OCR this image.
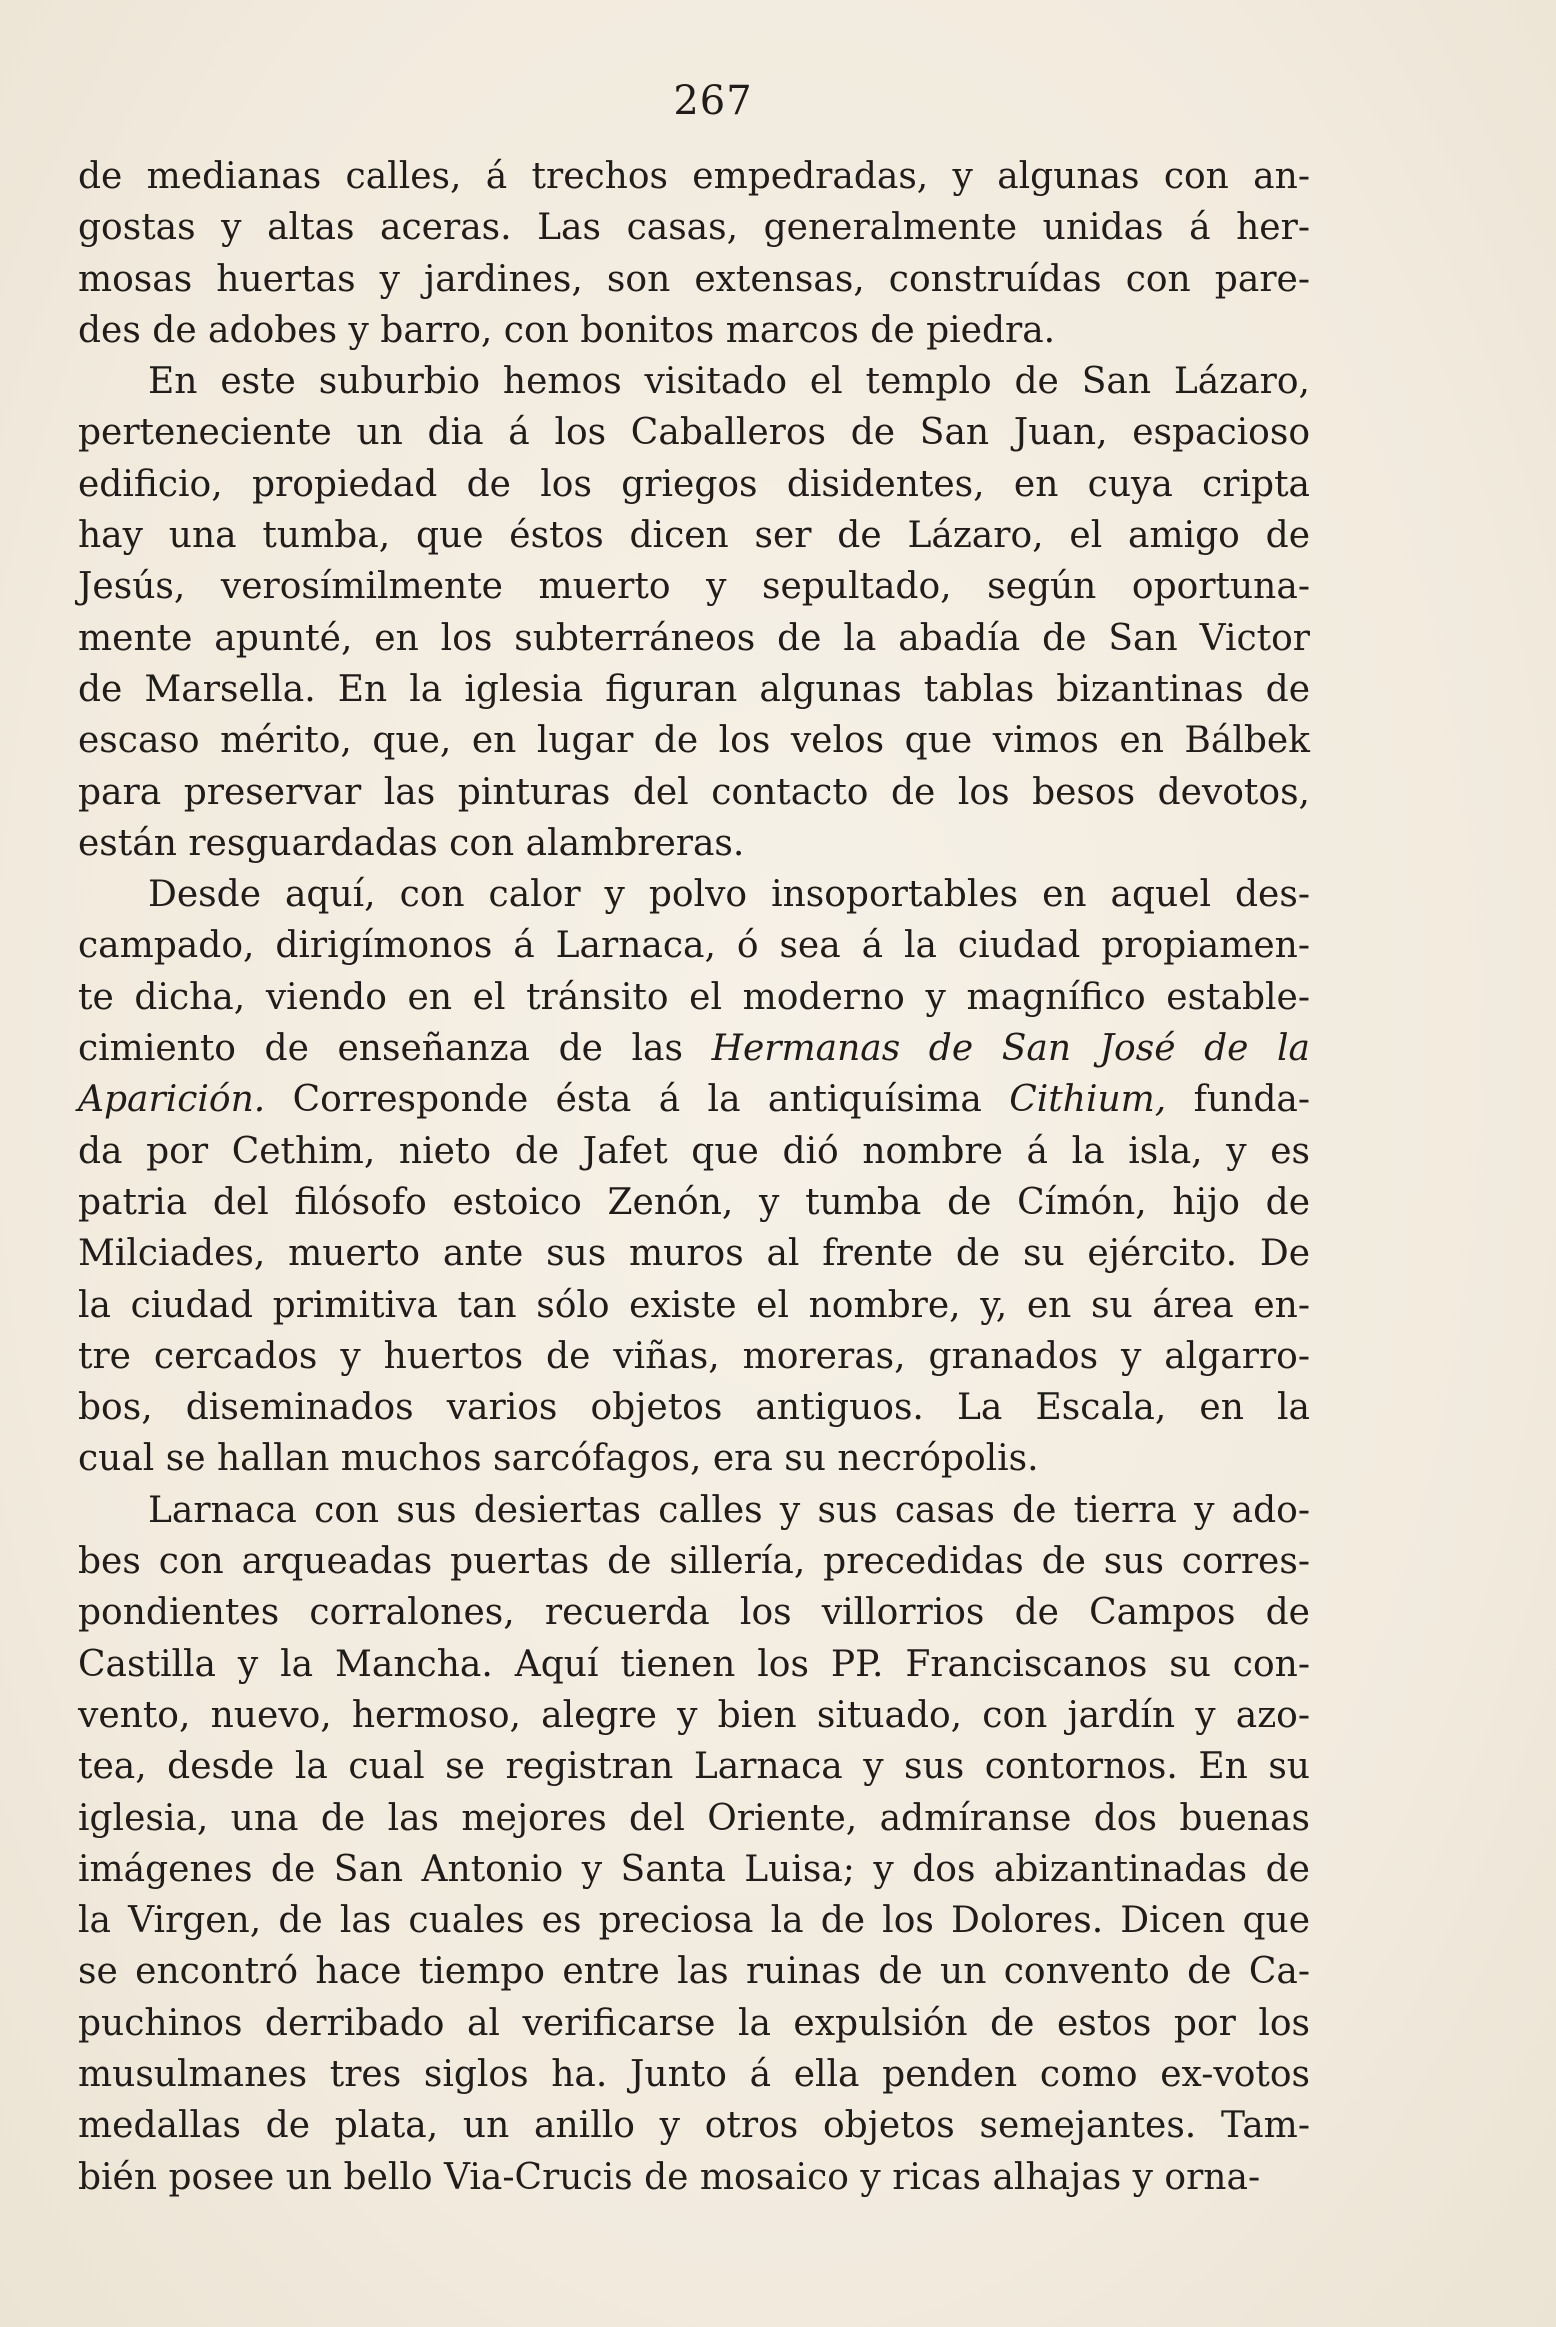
267
de medianas calles, á trechos empedradas, y algunas con an-
gostas y altas aceras. Las casas, generalmente unidas á her-
mosas huertas y jardines, son extensas, construídas con pare-
des de adobes y barro, con bonitos marcos de piedra.
En este suburbio hemos visitado el templo de San Lázaro,
perteneciente un dia á los Caballeros de San Juan, espacioso
edificio, propiedad de los griegos disidentes, en cuya cripta
hay una tumba, que éstos dicen ser de Lázaro, el amigo de
Jesús, verosímilmente muerto y sepultado, según oportuna-
mente apunté, en los subterráneos de la abadía de San Victor
de Marsella. En la iglesia figuran algunas tablas bizantinas de
escaso mérito, que, en lugar de los velos que vimos en Bálbek
para preservar las pinturas del contacto de los besos devotos,
están resguardadas con alambreras.
Desde aquí, con calor y polvo insoportables en aquel des-
campado, dirigímonos á Larnaca, ó sea á la ciudad propiamen-
te dicha, viendo en el tránsito el moderno y magnífico estable-
cimiento de enseñanza de las Hermanas de San José de la
Aparición. Corresponde ésta á la antiquísima Cithium, funda-
da por Cethim, nieto de Jafet que dió nombre á la isla, y es
patria del filósofo estoico Zenón, y tumba de Címón, hijo de
Milciades, muerto ante sus muros al frente de su ejército. De
la ciudad primitiva tan sólo existe el nombre, y, en su área en-
tre cercados y huertos de viñas, moreras, granados y algarro-
bos, diseminados varios objetos antiguos. La Escala, en la
cual se hallan muchos sarcófagos, era su necrópolis.
Larnaca con sus desiertas calles y sus casas de tierra y ado-
bes con arqueadas puertas de sillería, precedidas de sus corres-
pondientes corralones, recuerda los villorrios de Campos de
Castilla y la Mancha. Aquí tienen los PP. Franciscanos su con-
vento, nuevo, hermoso, alegre y bien situado, con jardín y azo-
tea, desde la cual se registran Larnaca y sus contornos. En su
iglesia, una de las mejores del Oriente, admíranse dos buenas
imágenes de San Antonio y Santa Luisa; y dos abizantinadas de
la Virgen, de las cuales es preciosa la de los Dolores. Dicen que
se encontró hace tiempo entre las ruinas de un convento de Ca-
puchinos derribado al verificarse la expulsión de estos por los
musulmanes tres siglos ha. Junto á ella penden como ex-votos
medallas de plata, un anillo y otros objetos semejantes. Tam-
bién posee un bello Via-Crucis de mosaico y ricas alhajas y orna-
